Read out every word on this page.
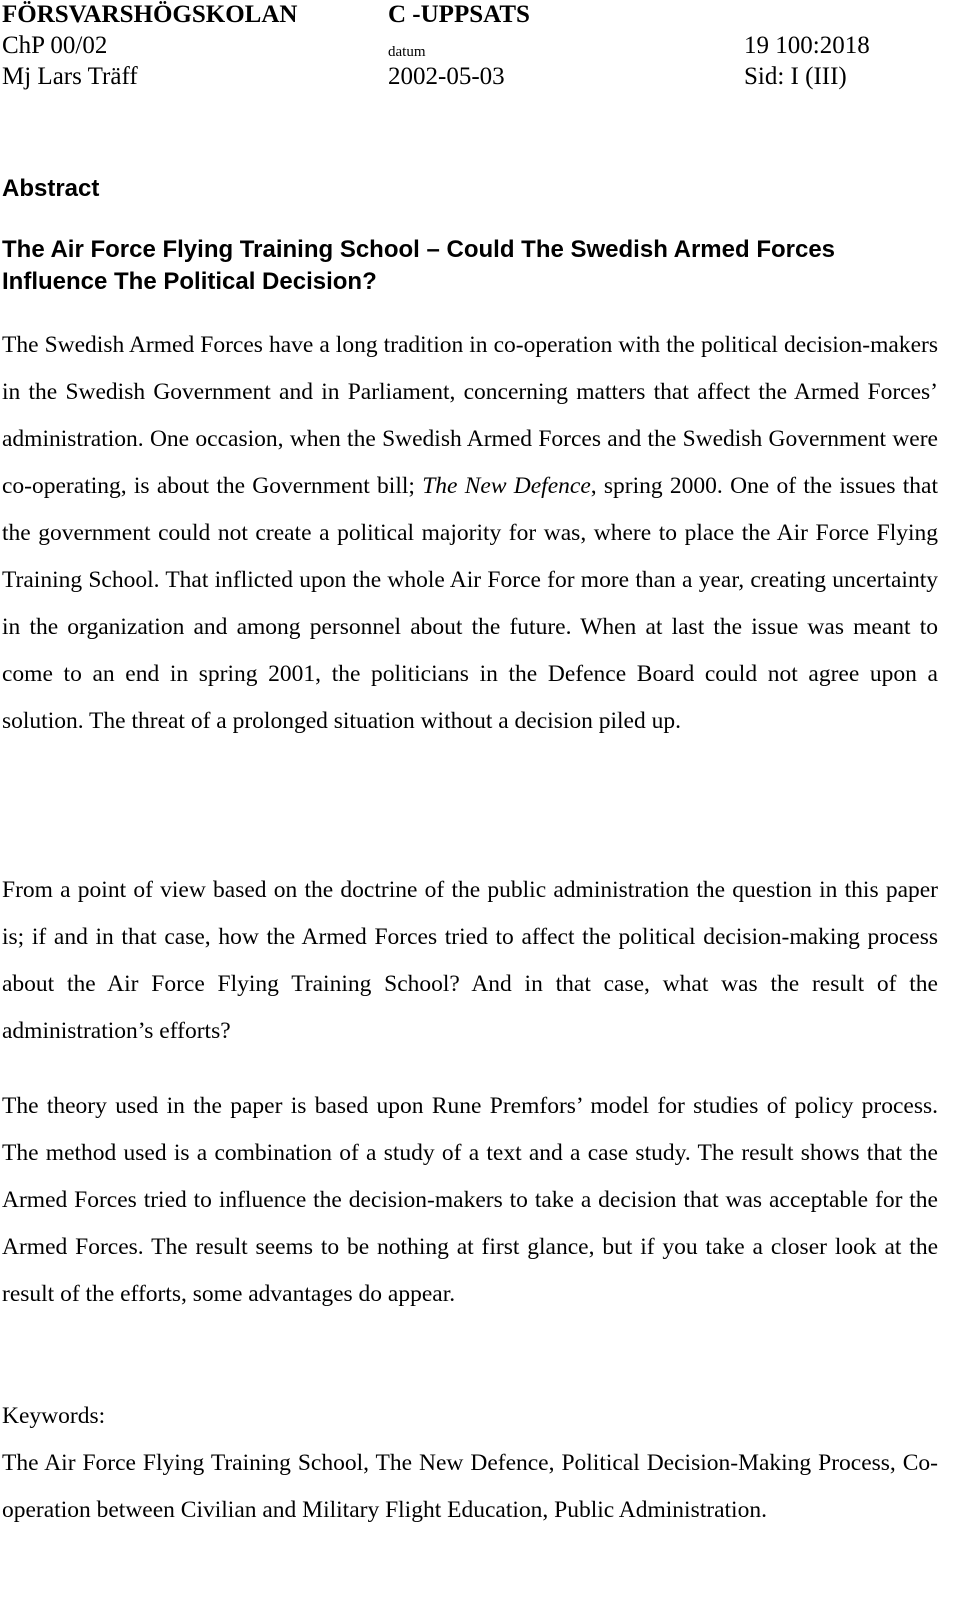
FÖRSVARSHÖGSKOLAN	C -UPPSATS
ChP 00/02	datum	19 100:2018
Mj Lars Träff	2002-05-03	Sid: I (III)
Abstract
The Air Force Flying Training School – Could The Swedish Armed Forces Influence The Political Decision?

The Swedish Armed Forces have a long tradition in co-operation with the political decision-makers in the Swedish Government and in Parliament, concerning matters that affect the Armed Forces’ administration. One occasion, when the Swedish Armed Forces and the Swedish Government were co-operating, is about the Government bill; The New Defence, spring 2000. One of the issues that the government could not create a political majority for was, where to place the Air Force Flying Training School. That inflicted upon the whole Air Force for more than a year, creating uncertainty in the organization and among personnel about the future. When at last the issue was meant to come to an end in spring 2001, the politicians in the Defence Board could not agree upon a solution. The threat of a prolonged situation without a decision piled up.

From a point of view based on the doctrine of the public administration the question in this paper is; if and in that case, how the Armed Forces tried to affect the political decision-making process about the Air Force Flying Training School? And in that case, what was the result of the administration’s efforts?

The theory used in the paper is based upon Rune Premfors’ model for studies of policy process. The method used is a combination of a study of a text and a case study. The result shows that the Armed Forces tried to influence the decision-makers to take a decision that was acceptable for the Armed Forces. The result seems to be nothing at first glance, but if you take a closer look at the result of the efforts, some advantages do appear.

Keywords:

The Air Force Flying Training School, The New Defence, Political Decision-Making Process, Co-operation between Civilian and Military Flight Education, Public Administration.
